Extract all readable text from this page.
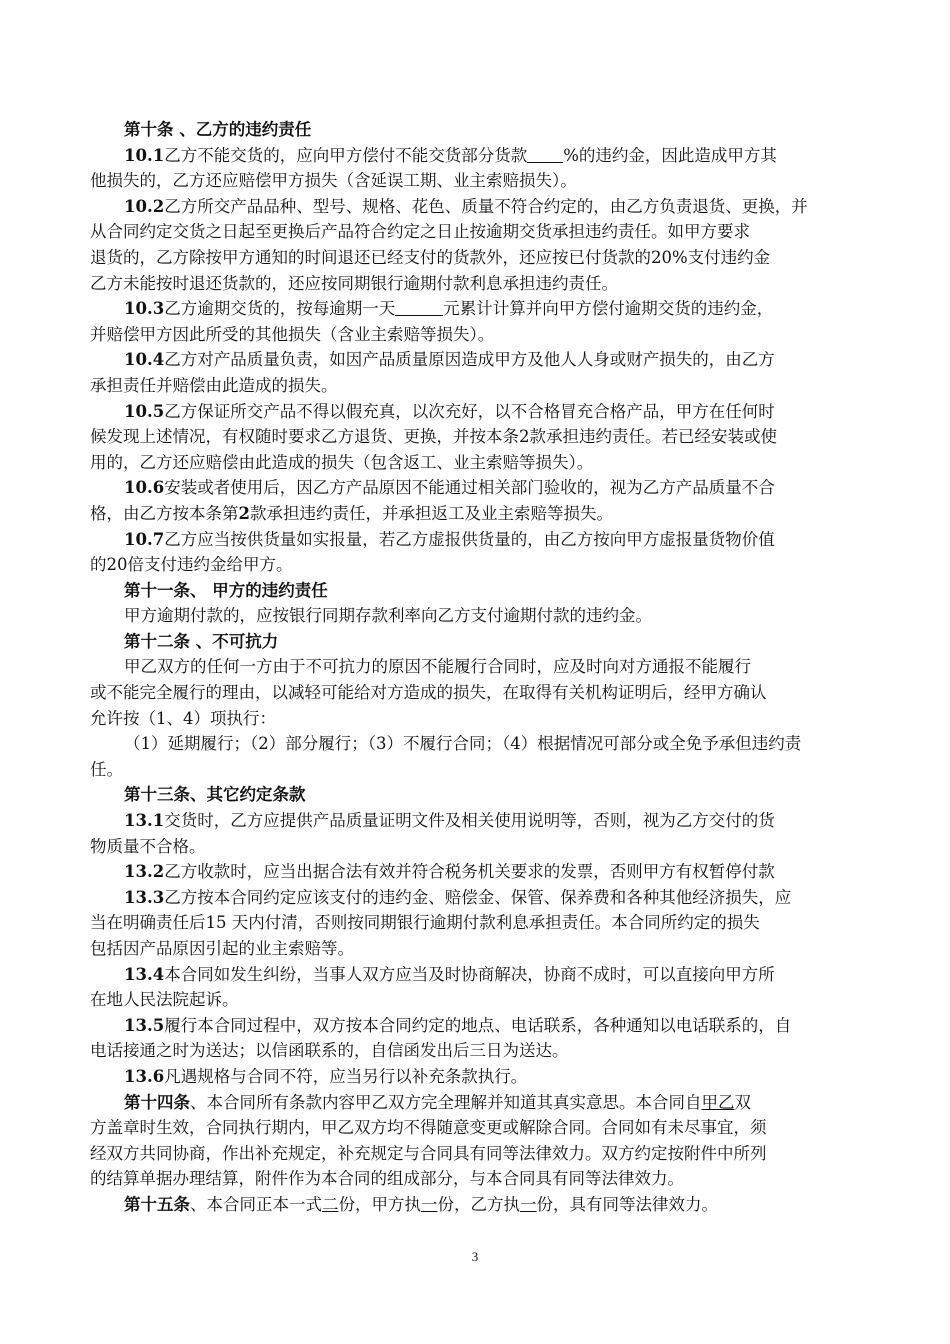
第十条 、乙方的违约责任

10.1乙方不能交货的，应向甲方偿付不能交货部分货款 %的违约金，因此造成甲方其

他损失的，乙方还应赔偿甲方损失（含延误工期、业主索赔损失）。

10.2乙方所交产品品种、型号、规格、花色、质量不符合约定的，由乙方负责退货、更换，并

从合同约定交货之日起至更换后产品符合约定之日止按逾期交货承担违约责任。如甲方要求

退货的，乙方除按甲方通知的时间退还已经支付的货款外，还应按已付货款的20%支付违约金

乙方未能按时退还货款的，还应按同期银行逾期付款利息承担违约责任。

10.3乙方逾期交货的，按每逾期一天	元累计计算并向甲方偿付逾期交货的违约金，

并赔偿甲方因此所受的其他损失（含业主索赔等损失）。

10.4乙方对产品质量负责，如因产品质量原因造成甲方及他人人身或财产损失的，由乙方

承担责任并赔偿由此造成的损失。

10.5乙方保证所交产品不得以假充真，以次充好，以不合格冒充合格产品，甲方在任何时

候发现上述情况，有权随时要求乙方退货、更换，并按本条2款承担违约责任。若已经安装或使

用的，乙方还应赔偿由此造成的损失（包含返工、业主索赔等损失）。

10.6安装或者使用后，因乙方产品原因不能通过相关部门验收的，视为乙方产品质量不合

格，由乙方按本条第2款承担违约责任，并承担返工及业主索赔等损失。

10.7乙方应当按供货量如实报量，若乙方虚报供货量的，由乙方按向甲方虚报量货物价值

的20倍支付违约金给甲方。

第十一条、 甲方的违约责任

甲方逾期付款的，应按银行同期存款利率向乙方支付逾期付款的违约金。

第十二条 、不可抗力

甲乙双方的任何一方由于不可抗力的原因不能履行合同时，应及时向对方通报不能履行

或不能完全履行的理由，以减轻可能给对方造成的损失，在取得有关机构证明后，经甲方确认

允许按（1、4）项执行：

（1）延期履行；（2）部分履行；（3）不履行合同；（4）根据情况可部分或全免予承但违约责

任。

第十三条、其它约定条款

13.1交货时，乙方应提供产品质量证明文件及相关使用说明等，否则，视为乙方交付的货

物质量不合格。

13.2乙方收款时，应当出据合法有效并符合税务机关要求的发票，否则甲方有权暂停付款

13.3乙方按本合同约定应该支付的违约金、赔偿金、保管、保养费和各种其他经济损失，应

当在明确责任后15 天内付清，否则按同期银行逾期付款利息承担责任。本合同所约定的损失

包括因产品原因引起的业主索赔等。

13.4本合同如发生纠纷，当事人双方应当及时协商解决，协商不成时，可以直接向甲方所

在地人民法院起诉。

13.5履行本合同过程中，双方按本合同约定的地点、电话联系，各种通知以电话联系的，自

电话接通之时为送达；以信函联系的，自信函发出后三日为送达。

13.6凡遇规格与合同不符，应当另行以补充条款执行。

第十四条、本合同所有条款内容甲乙双方完全理解并知道其真实意思。本合同自甲乙双

方盖章时生效，合同执行期内，甲乙双方均不得随意变更或解除合同。合同如有未尽事宜，须

经双方共同协商，作出补充规定，补充规定与合同具有同等法律效力。双方约定按附件中所列

的结算单据办理结算，附件作为本合同的组成部分，与本合同具有同等法律效力。

第十五条、本合同正本一式二份，甲方执一份，乙方执一份，具有同等法律效力。

3
